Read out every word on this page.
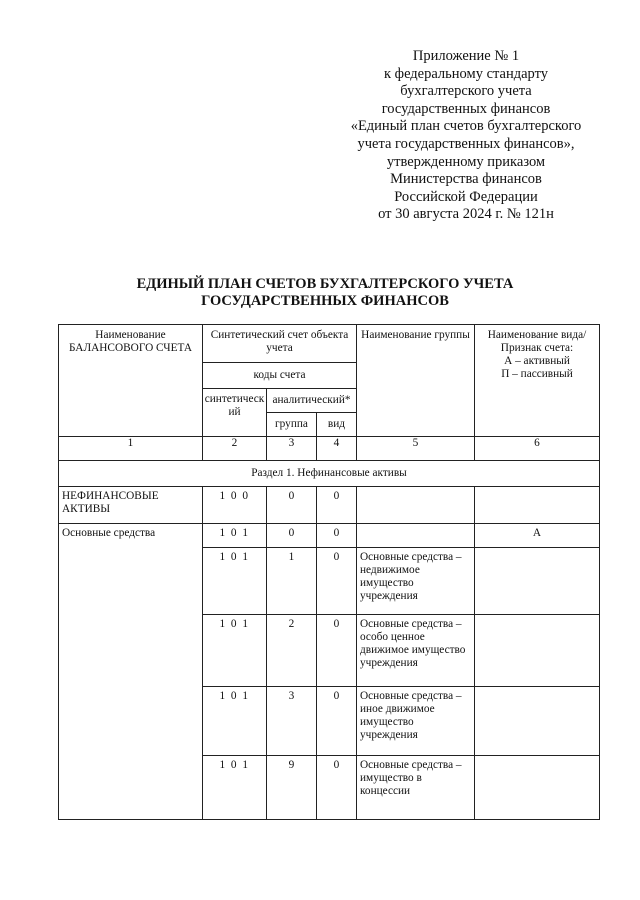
Приложение № 1
к федеральному стандарту
бухгалтерского учета
государственных финансов
«Единый план счетов бухгалтерского
учета государственных финансов»,
утвержденному приказом
Министерства финансов
Российской Федерации
от 30 августа 2024 г. № 121н
ЕДИНЫЙ ПЛАН СЧЕТОВ БУХГАЛТЕРСКОГО УЧЕТА
ГОСУДАРСТВЕННЫХ ФИНАНСОВ
Наименование БАЛАНСОВОГО СЧЕТА	Синтетический счет объекта учета			Наименование группы	Наименование вида/ Признак счета:
А – активный
П – пассивный

	коды счета				
	синтетический	аналитический*			
		группа	вид		
1	2	3	4	5	6
Раздел 1. Нефинансовые активы					
НЕФИНАНСОВЫЕ АКТИВЫ	1 0 0	0	0		
Основные средства	1 0 1	0	0		А
	1 0 1	1	0	Основные средства – недвижимое имущество учреждения	
	1 0 1	2	0	Основные средства – особо ценное движимое имущество учреждения	
	1 0 1	3	0	Основные средства – иное движимое имущество учреждения	
	1 0 1	9	0	Основные средства – имущество в концессии	
